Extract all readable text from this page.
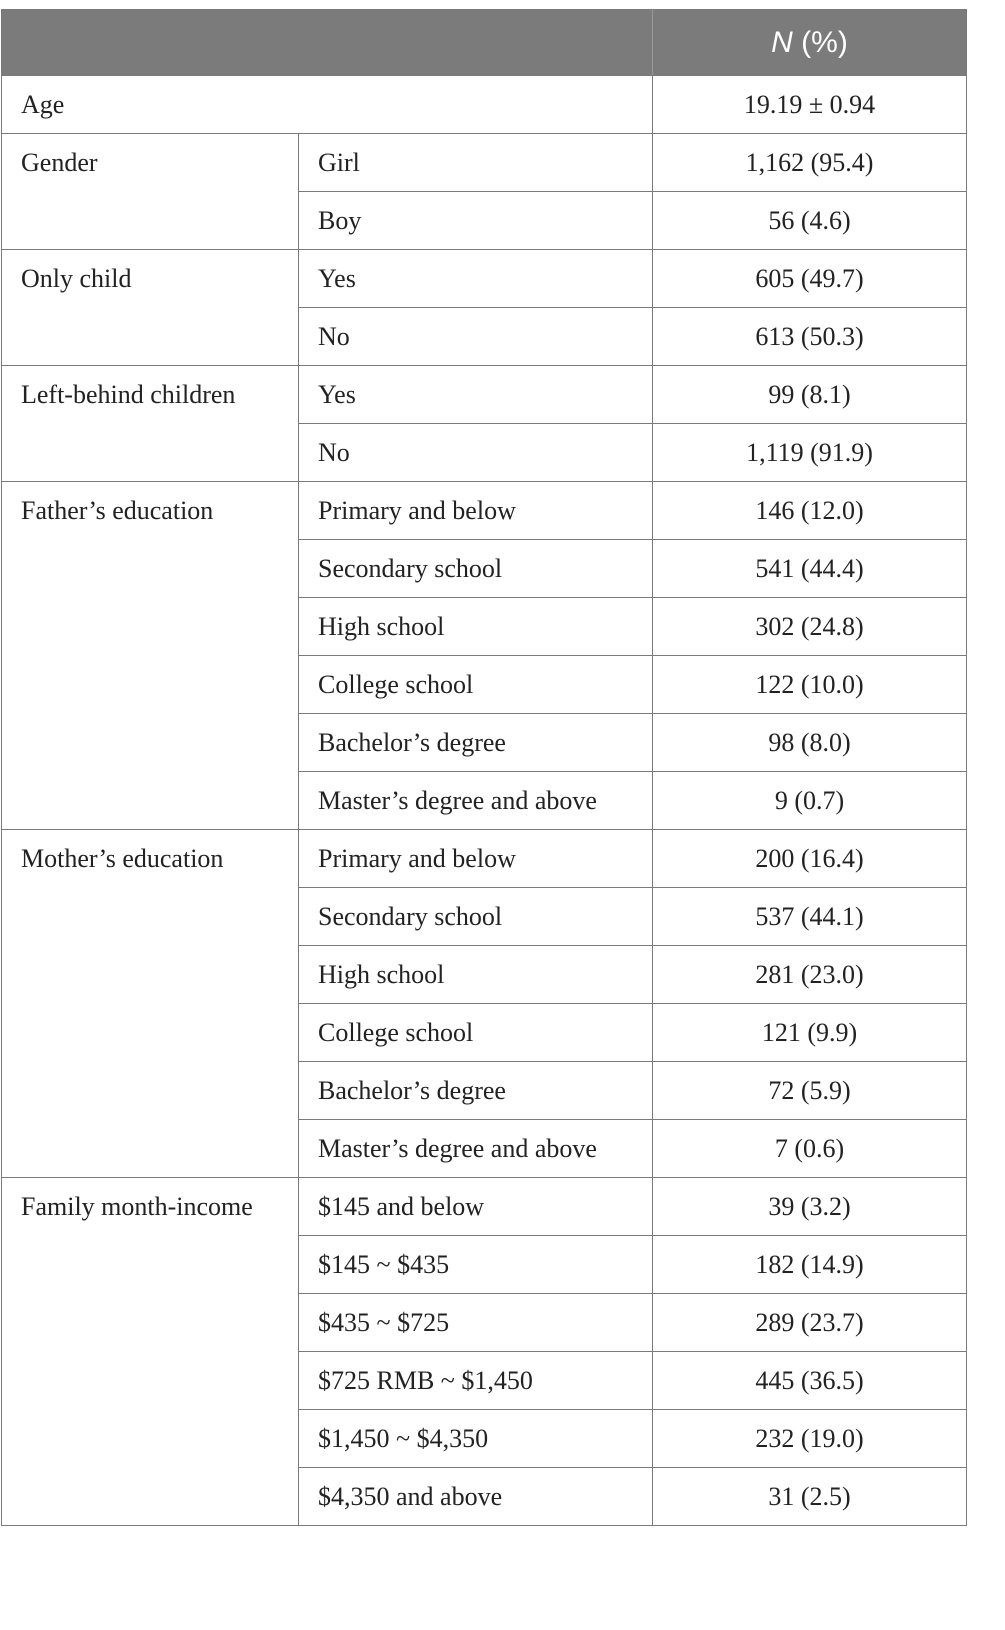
		N (%)
Age		19.19 ± 0.94
Gender	Girl	1,162 (95.4)
	Boy	56 (4.6)
Only child	Yes	605 (49.7)
	No	613 (50.3)
Left-behind children	Yes	99 (8.1)
	No	1,119 (91.9)
Father’s education	Primary and below	146 (12.0)
	Secondary school	541 (44.4)
	High school	302 (24.8)
	College school	122 (10.0)
	Bachelor’s degree	98 (8.0)
	Master’s degree and above	9 (0.7)
Mother’s education	Primary and below	200 (16.4)
	Secondary school	537 (44.1)
	High school	281 (23.0)
	College school	121 (9.9)
	Bachelor’s degree	72 (5.9)
	Master’s degree and above	7 (0.6)
Family month-income	$145 and below	39 (3.2)
	$145 ~ $435	182 (14.9)
	$435 ~ $725	289 (23.7)
	$725 RMB ~ $1,450	445 (36.5)
	$1,450 ~ $4,350	232 (19.0)
	$4,350 and above	31 (2.5)
